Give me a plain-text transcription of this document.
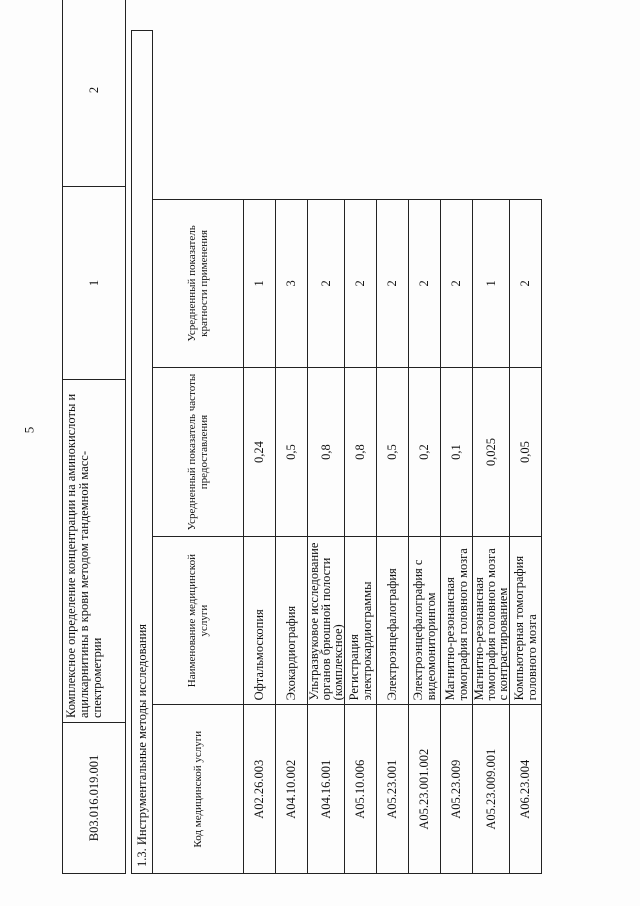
5
B03.016.019.001	Комплексное определение концентрации на аминокислоты и ацилкарнитины в крови методом тандемной масс-спектрометрии	1	2
1.3. Инструментальные методы исследования				
Код медицинской услуги	Наименование медицинской услуги	Усредненный показатель частоты предоставления	Усредненный показатель кратности применения	
A02.26.003	Офтальмоскопия	0,24	1	
A04.10.002	Эхокардиография	0,5	3	
A04.16.001	Ультразвуковое исследование органов брюшной полости (комплексное)	0,8	2	
A05.10.006	Регистрация электрокардиограммы	0,8	2	
A05.23.001	Электроэнцефалография	0,5	2	
A05.23.001.002	Электроэнцефалография с видеомониторингом	0,2	2	
A05.23.009	Магнитно-резонансная томография головного мозга	0,1	2	
A05.23.009.001	Магнитно-резонансная томография головного мозга с контрастированием	0,025	1	
A06.23.004	Компьютерная томография головного мозга	0,05	2	
